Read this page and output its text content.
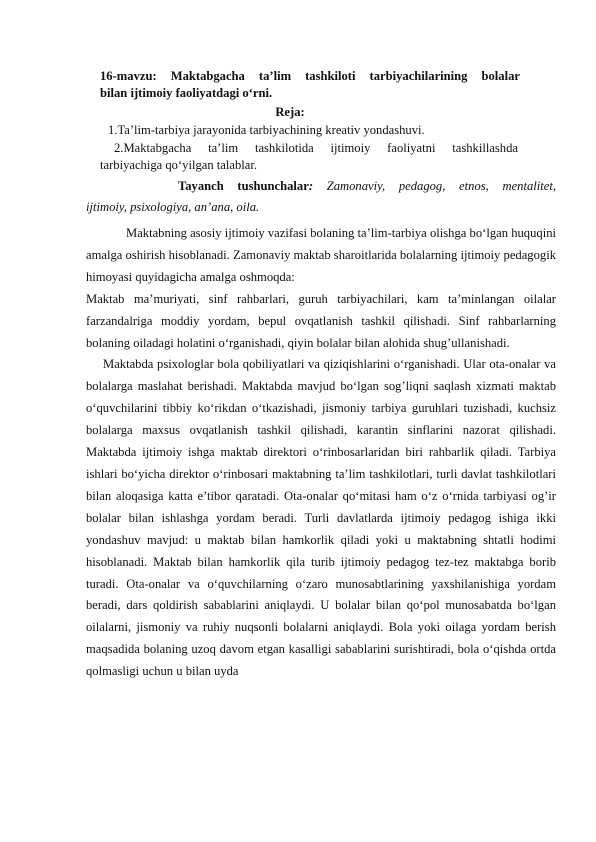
16-mavzu: Maktabgacha ta’lim tashkiloti tarbiyachilarining bolalar
bilan ijtimoiy faoliyatdagi o‘rni.
Reja:
1.Ta’lim-tarbiya jarayonida tarbiyachining kreativ yondashuvi.
2.Maktabgacha ta’lim tashkilotida ijtimoiy faoliyatni tashkillashda
tarbiyachiga qo‘yilgan talablar.
Tayanch tushunchalar: Zamonaviy, pedagog, etnos, mentalitet,
ijtimoiy, psixologiya, an’ana, oila.

Maktabning asosiy ijtimoiy vazifasi bolaning ta’lim-tarbiya olishga bo‘lgan huquqini amalga oshirish hisoblanadi. Zamonaviy maktab sharoitlarida bolalarning ijtimoiy pedagogik himoyasi quyidagicha amalga oshmoqda:

Maktab ma’muriyati, sinf rahbarlari, guruh tarbiyachilari, kam ta’minlangan oilalar farzandalriga moddiy yordam, bepul ovqatlanish tashkil qilishadi. Sinf rahbarlarning bolaning oiladagi holatini o‘rganishadi, qiyin bolalar bilan alohida shug’ullanishadi.

Maktabda psixologlar bola qobiliyatlari va qiziqishlarini o‘rganishadi. Ular ota-onalar va bolalarga maslahat berishadi. Maktabda mavjud bo‘lgan sog’liqni saqlash xizmati maktab o‘quvchilarini tibbiy ko‘rikdan o‘tkazishadi, jismoniy tarbiya guruhlari tuzishadi, kuchsiz bolalarga maxsus ovqatlanish tashkil qilishadi, karantin sinflarini nazorat qilishadi. Maktabda ijtimoiy ishga maktab direktori o‘rinbosarlaridan biri rahbarlik qiladi. Tarbiya ishlari bo‘yicha direktor o‘rinbosari maktabning ta’lim tashkilotlari, turli davlat tashkilotlari bilan aloqasiga katta e’tibor qaratadi. Ota-onalar qo‘mitasi ham o‘z o‘rnida tarbiyasi og’ir bolalar bilan ishlashga yordam beradi. Turli davlatlarda ijtimoiy pedagog ishiga ikki yondashuv mavjud: u maktab bilan hamkorlik qiladi yoki u maktabning shtatli hodimi hisoblanadi. Maktab bilan hamkorlik qila turib ijtimoiy pedagog tez-tez maktabga borib turadi. Ota-onalar va o‘quvchilarning o‘zaro munosabtlarining yaxshilanishiga yordam beradi, dars qoldirish sabablarini aniqlaydi. U bolalar bilan qo‘pol munosabatda bo‘lgan oilalarni, jismoniy va ruhiy nuqsonli bolalarni aniqlaydi. Bola yoki oilaga yordam berish maqsadida bolaning uzoq davom etgan kasalligi sabablarini surishtiradi, bola o‘qishda ortda qolmasligi uchun u bilan uyda
